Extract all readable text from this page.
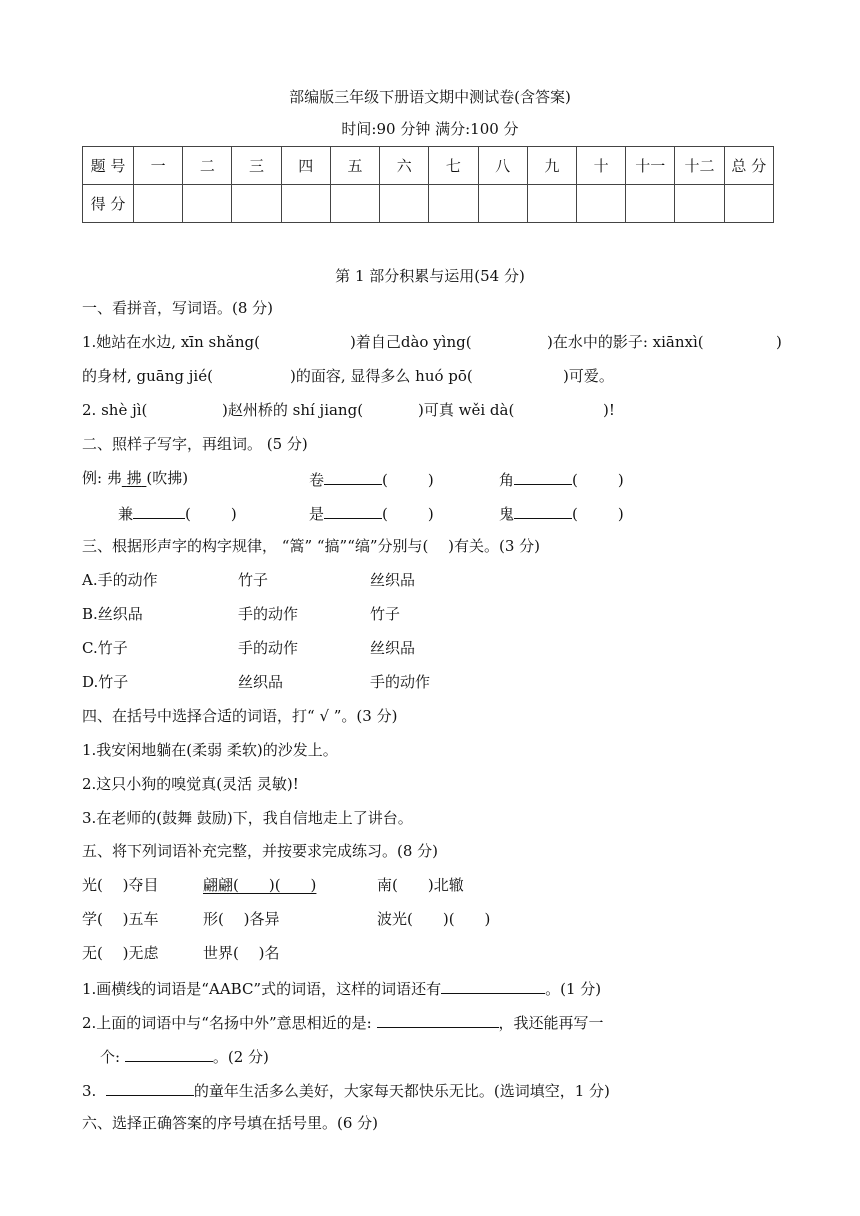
部编版三年级下册语文期中测试卷(含答案)
时间:90 分钟 满分:100 分
题 号	一	二	三	四	五	六	七	八	九	十	十一	十二	总 分
得 分													
第 1 部分积累与运用(54 分)
一、看拼音，写词语。(8 分)
1.她站在水边, xīn shǎng(	)着自己dào yìng(	)在水中的影子: xiānxì(	)
的身材, guāng jié(	)的面容, 显得多么 huó pō(	)可爱。
2. shè jì(	)赵州桥的 shí jiang(	)可真 wěi dà(	)!
二、照样子写字，再组词。 (5 分)
例: 弗 拂 (吹拂)	卷	(	)	角	(	)
兼	(	)	是	(	)	鬼	(	)
三、根据形声字的构字规律， “篙” “搞”“缟”分别与(　 )有关。(3 分)
A.手的动作	竹子	丝织品
B.丝织品	手的动作	竹子
C.竹子	手的动作	丝织品
D.竹子	丝织品	手的动作
四、在括号中选择合适的词语，打“ √ ”。(3 分)
1.我安闲地躺在(柔弱 柔软)的沙发上。
2.这只小狗的嗅觉真(灵活 灵敏)!
3.在老师的(鼓舞 鼓励)下，我自信地走上了讲台。
五、将下列词语补充完整，并按要求完成练习。(8 分)
光(　 )夺目	翩翩(　　)(　　)	南(　　)北辙
学(　 )五车	形(　 )各异	波光(　　)(　　)
无(　 )无虑	世界(　 )名
1.画横线的词语是“AABC”式的词语，这样的词语还有	。(1 分)
2.上面的词语中与“名扬中外”意思相近的是:	，我还能再写一
个:	。(2 分)
3.	的童年生活多么美好，大家每天都快乐无比。(选词填空，1 分)
六、选择正确答案的序号填在括号里。(6 分)
